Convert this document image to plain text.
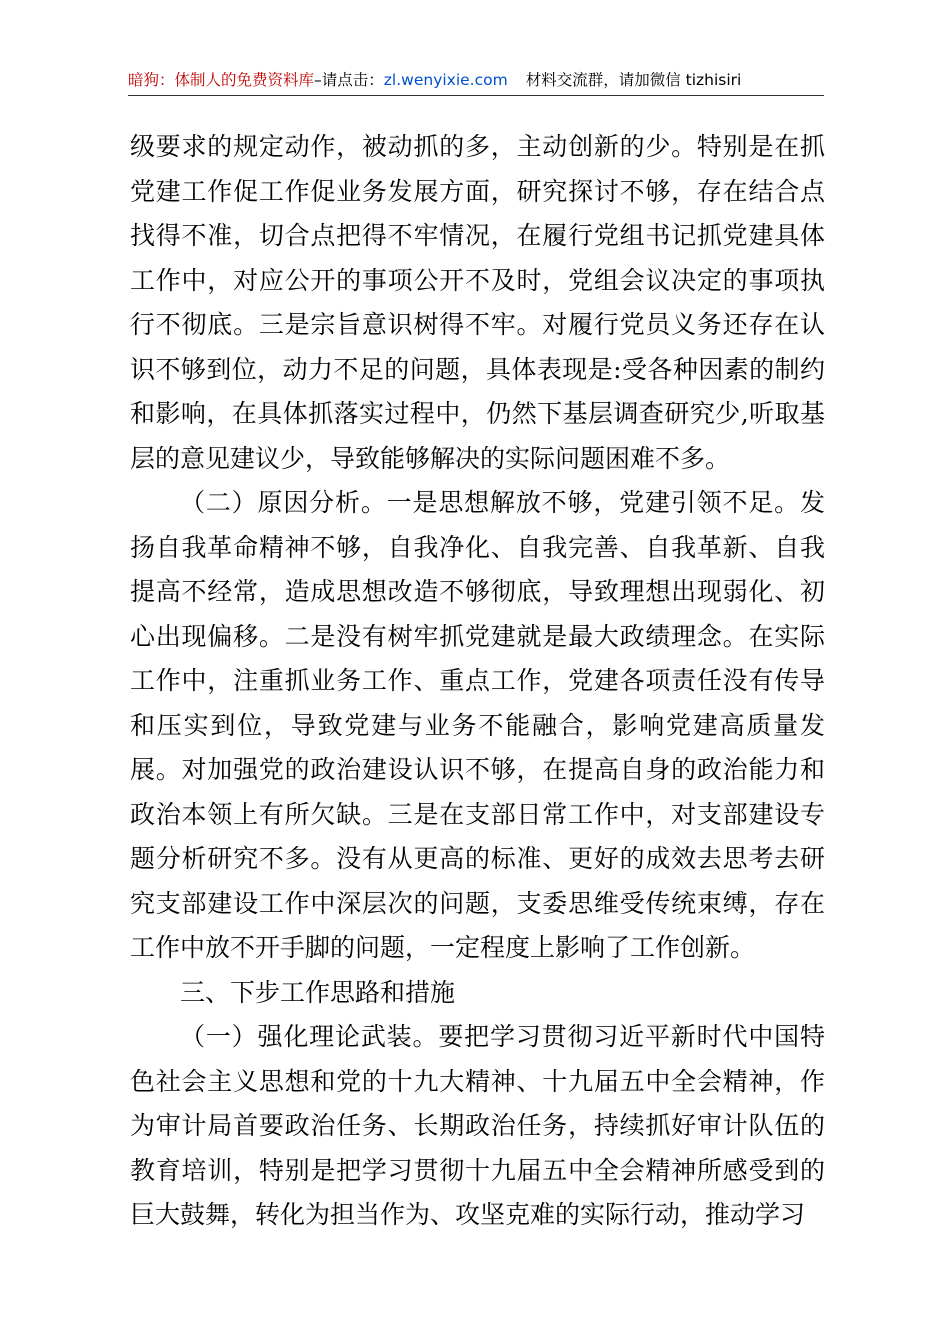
暗狗：体制人的免费资料库–请点击：zl.wenyixie.com 材料交流群，请加微信 tizhisiri

级要求的规定动作，被动抓的多，主动创新的少。特别是在抓党建工作促工作促业务发展方面，研究探讨不够，存在结合点找得不准，切合点把得不牢情况，在履行党组书记抓党建具体工作中，对应公开的事项公开不及时，党组会议决定的事项执行不彻底。三是宗旨意识树得不牢。对履行党员义务还存在认识不够到位，动力不足的问题，具体表现是:受各种因素的制约和影响，在具体抓落实过程中，仍然下基层调查研究少,听取基层的意见建议少，导致能够解决的实际问题困难不多。

（二）原因分析。一是思想解放不够，党建引领不足。发扬自我革命精神不够，自我净化、自我完善、自我革新、自我提高不经常，造成思想改造不够彻底，导致理想出现弱化、初心出现偏移。二是没有树牢抓党建就是最大政绩理念。在实际工作中，注重抓业务工作、重点工作，党建各项责任没有传导和压实到位，导致党建与业务不能融合，影响党建高质量发展。对加强党的政治建设认识不够，在提高自身的政治能力和政治本领上有所欠缺。三是在支部日常工作中，对支部建设专题分析研究不多。没有从更高的标准、更好的成效去思考去研究支部建设工作中深层次的问题，支委思维受传统束缚，存在工作中放不开手脚的问题，一定程度上影响了工作创新。

三、下步工作思路和措施

（一）强化理论武装。要把学习贯彻习近平新时代中国特色社会主义思想和党的十九大精神、十九届五中全会精神，作为审计局首要政治任务、长期政治任务，持续抓好审计队伍的教育培训，特别是把学习贯彻十九届五中全会精神所感受到的巨大鼓舞，转化为担当作为、攻坚克难的实际行动，推动学习
